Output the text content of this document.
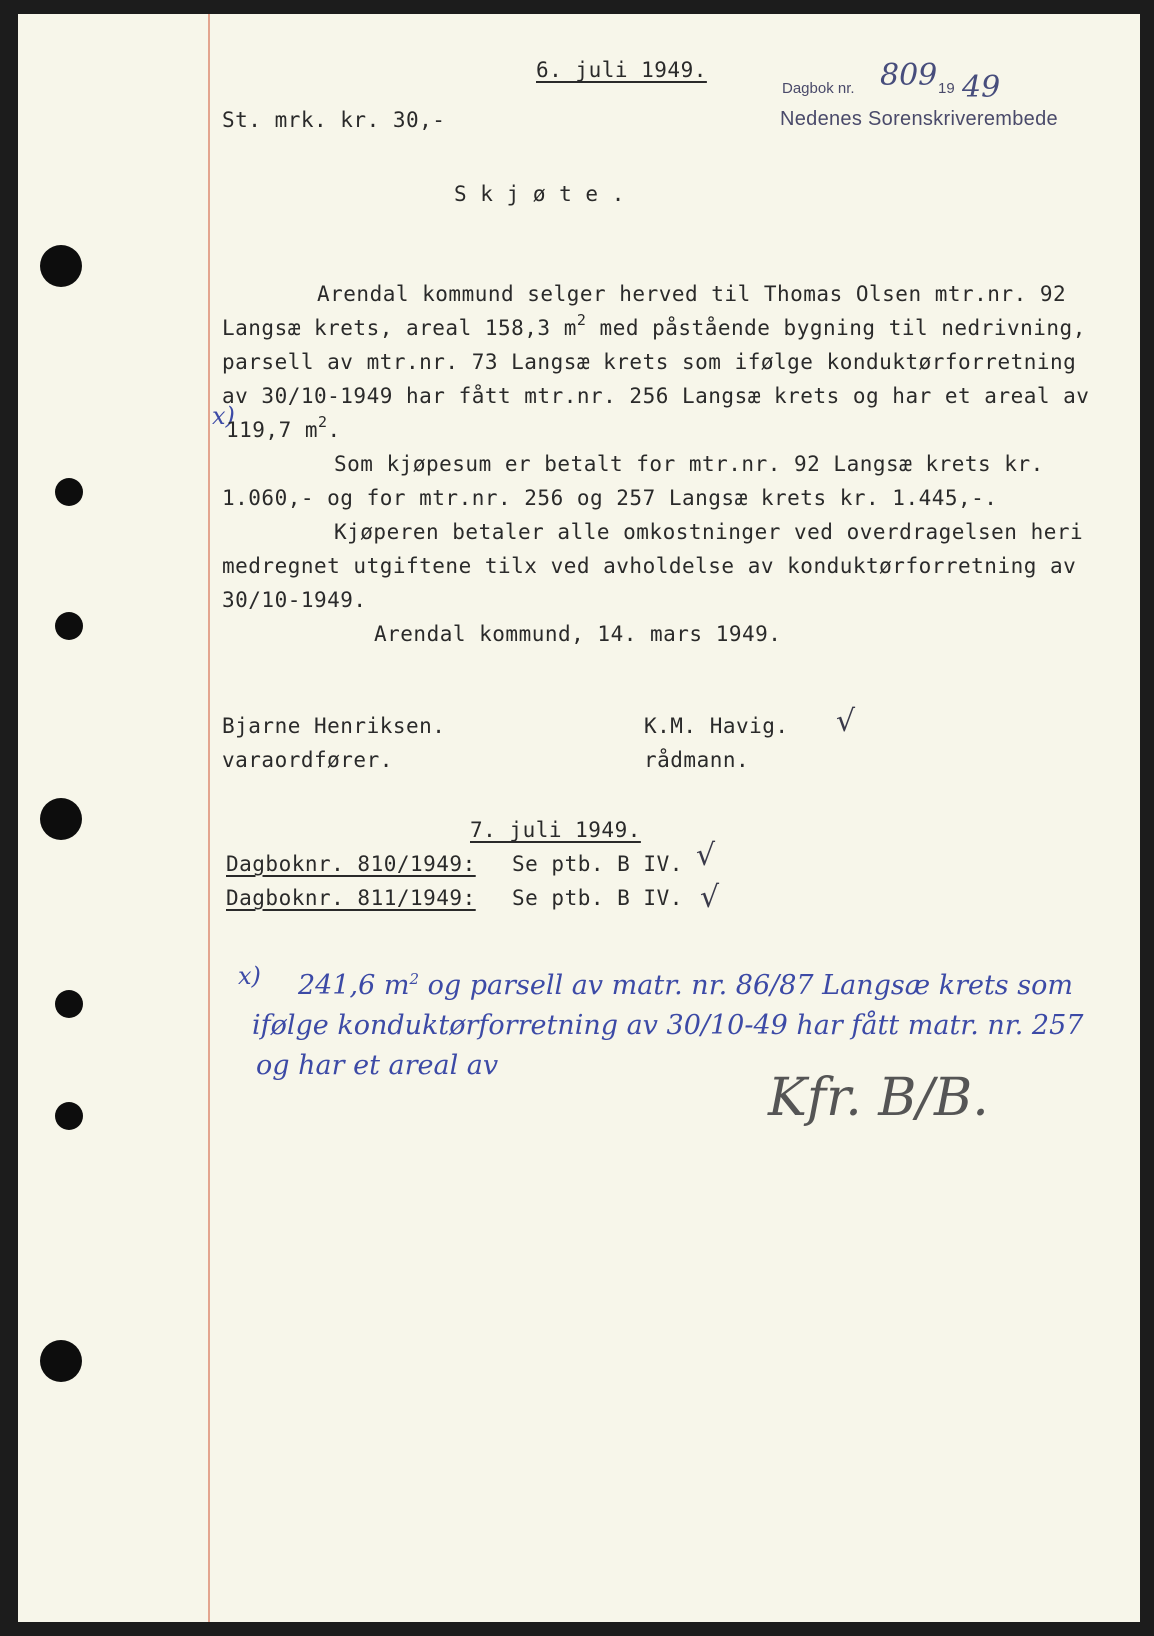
6. juli 1949.
Dagbok nr. 809 19 49
Nedenes Sorenskriverembede
St. mrk. kr. 30,-
S k j ø t e .
Arendal kommund selger herved til Thomas Olsen mtr.nr. 92
Langsæ krets, areal 158,3 $m^2$ med påstående bygning til nedrivning,
parsell av mtr.nr. 73 Langsæ krets som ifølge konduktørforretning
av 30/10-1949 har fått mtr.nr. 256 Langsæ krets og har et areal av
x)
119,7 $m^2$.
Som kjøpesum er betalt for mtr.nr. 92 Langsæ krets kr.
1.060,- og for mtr.nr. 256 og 257 Langsæ krets kr. 1.445,-.
Kjøperen betaler alle omkostninger ved overdragelsen heri
medregnet utgiftene tilx ved avholdelse av konduktørforretning av
30/10-1949.
Arendal kommund, 14. mars 1949.
Bjarne Henriksen.
varaordfører.
K.M. Havig.
rådmann.
√
7. juli 1949.
Dagboknr. 810/1949: Se ptb. B IV. √
Dagboknr. 811/1949: Se ptb. B IV. √
x) 241,6 $m^2$ og parsell av matr. nr. 86/87 Langsæ krets som
ifølge konduktørforretning av 30/10-49 har fått matr. nr. 257
og har et areal av
Kfr. B/B.
